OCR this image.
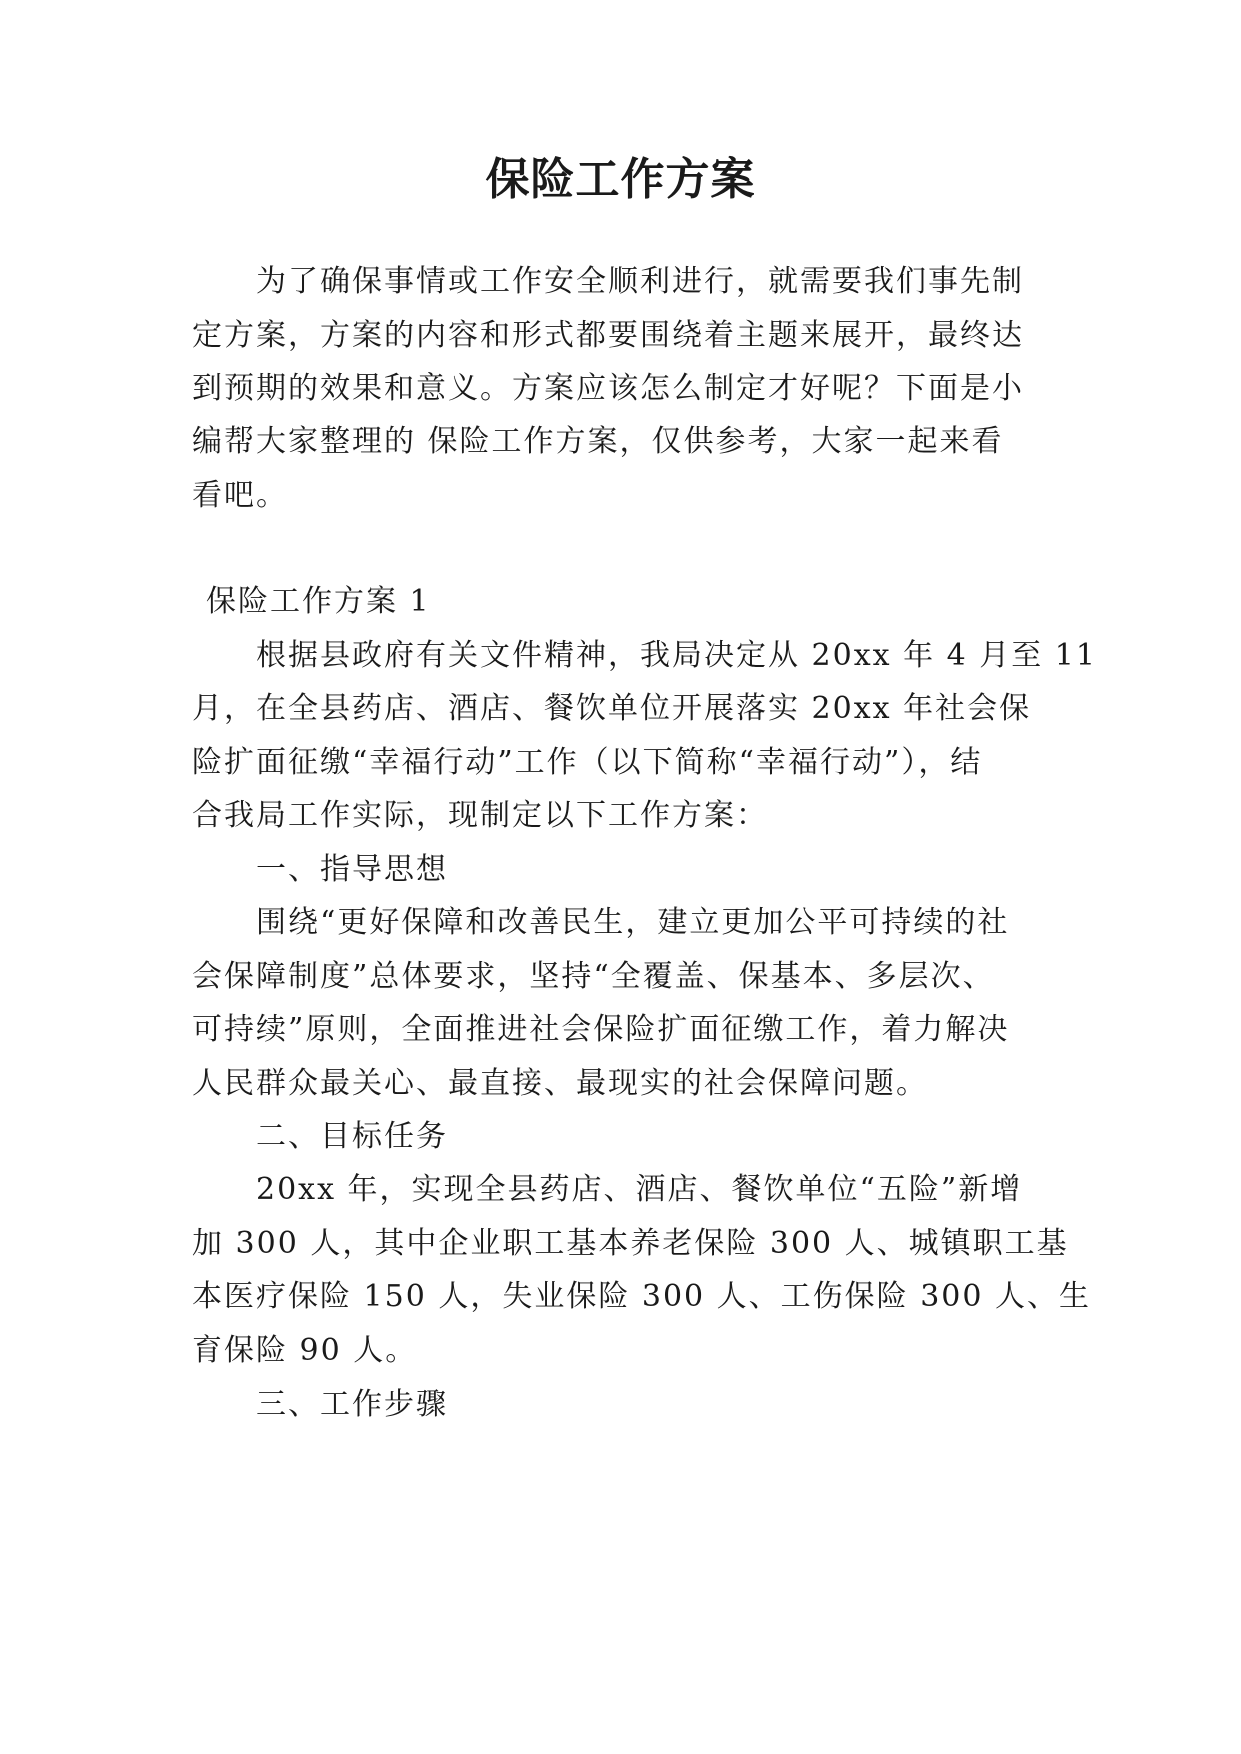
保险工作方案

为了确保事情或工作安全顺利进行，就需要我们事先制

定方案，方案的内容和形式都要围绕着主题来展开，最终达

到预期的效果和意义。方案应该怎么制定才好呢？下面是小

编帮大家整理的 保险工作方案，仅供参考，大家一起来看

看吧。

保险工作方案 1

根据县政府有关文件精神，我局决定从 20xx 年 4 月至 11

月，在全县药店、酒店、餐饮单位开展落实 20xx 年社会保

险扩面征缴“幸福行动”工作（以下简称“幸福行动”），结

合我局工作实际，现制定以下工作方案：

一、指导思想

围绕“更好保障和改善民生，建立更加公平可持续的社

会保障制度”总体要求，坚持“全覆盖、保基本、多层次、

可持续”原则，全面推进社会保险扩面征缴工作，着力解决

人民群众最关心、最直接、最现实的社会保障问题。

二、目标任务

20xx 年，实现全县药店、酒店、餐饮单位“五险”新增

加 300 人，其中企业职工基本养老保险 300 人、城镇职工基

本医疗保险 150 人，失业保险 300 人、工伤保险 300 人、生

育保险 90 人。

三、工作步骤
